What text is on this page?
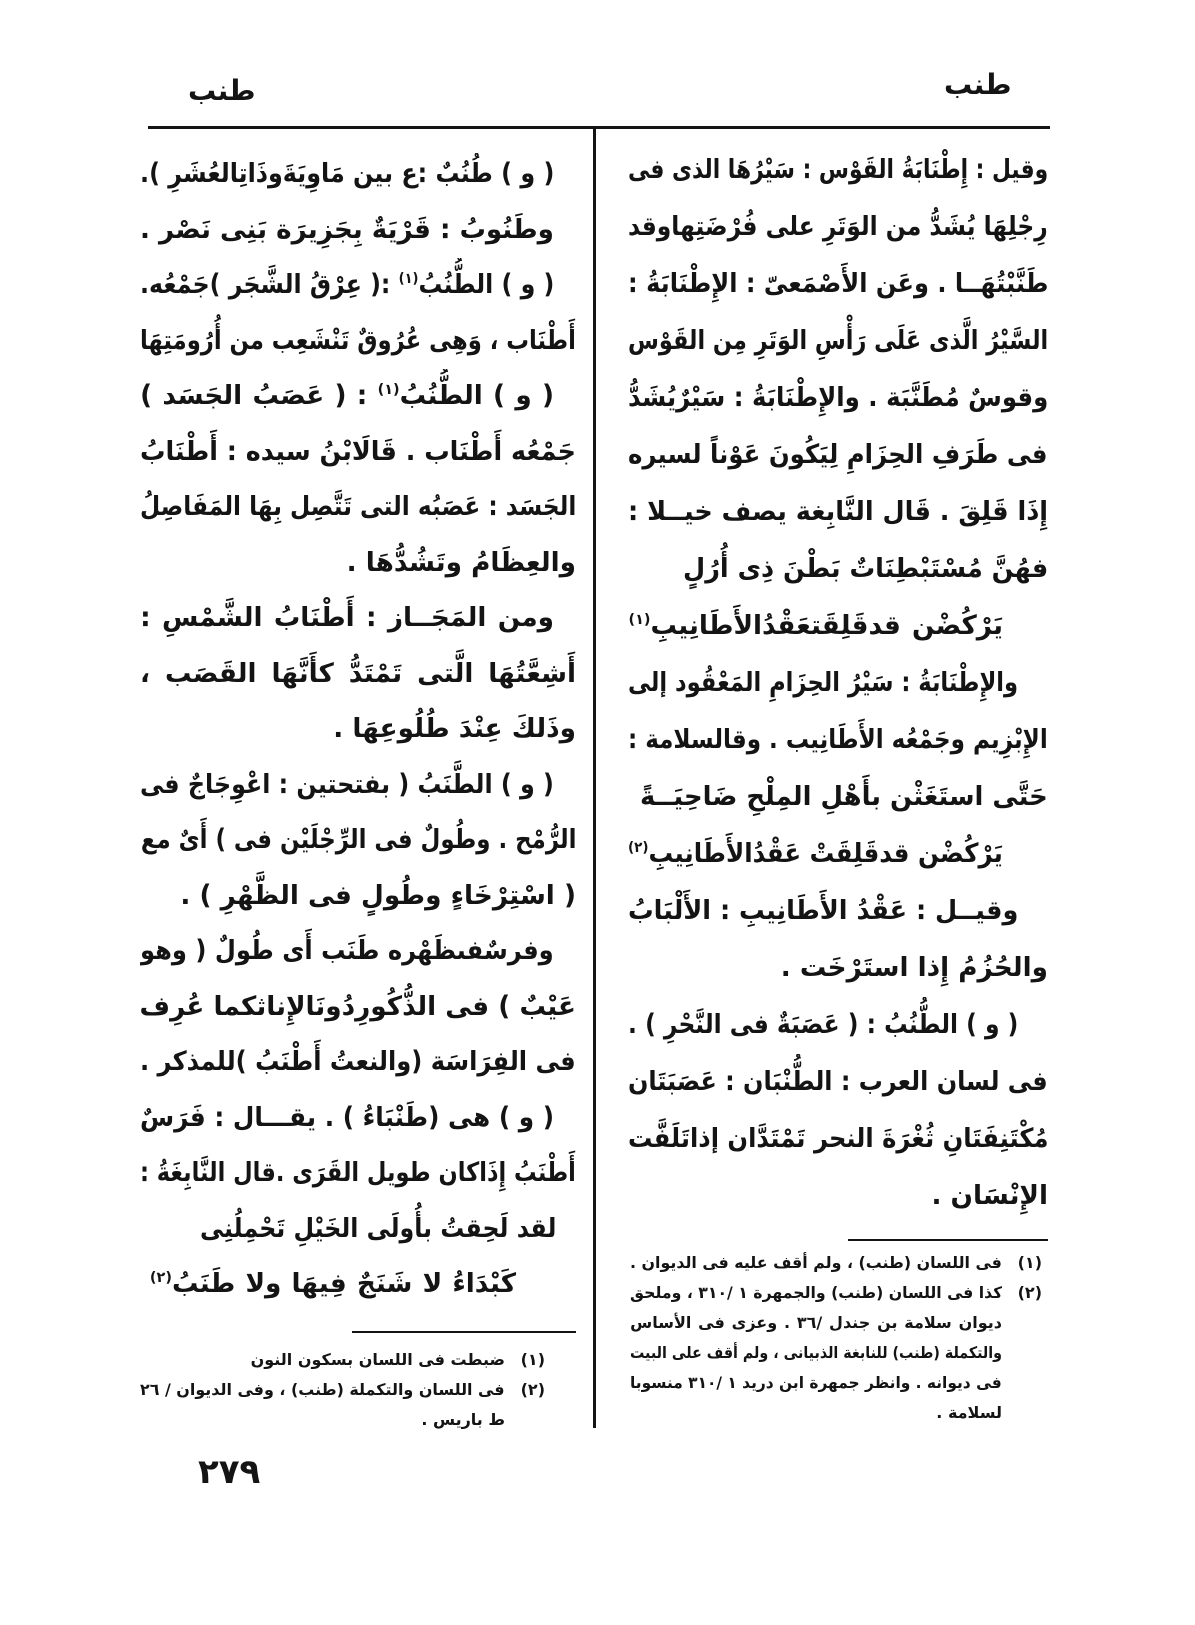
طنب	طنب
وقيل : إِطْنَابَةُ القَوْس : سَيْرُهَا الذى فى
رِجْلِهَا يُشَدُّ من الوَتَرِ على فُرْضَتِهاوقد
طَنَّبْتُهَــا . وعَن الأَصْمَعىّ : الإِطْنَابَةُ :
السَّيْرُ الَّذى عَلَى رَأْسِ الوَتَرِ مِن القَوْس
وقوسٌ مُطَنَّبَة . والإِطْنَابَةُ : سَيْرٌيُشَدُّ
فى طَرَفِ الحِزَامِ لِيَكُونَ عَوْناً لسيره
إِذَا قَلِقَ . قَال النَّابِغة يصف خيــلا :
فهُنَّ مُسْتَبْطِنَاتٌ بَطْنَ ذِى أُرُلٍ
يَرْكُضْن قدقَلِقَتعَقْدُالأَطَانِيبِ$^{(١)}$
والإِطْنَابَةُ : سَيْرُ الحِزَامِ المَعْقُود إلى
الإِبْزِيم وجَمْعُه الأَطَانِيب . وقالسلامة :
حَتَّى استَغَثْن بأَهْلِ المِلْحِ ضَاحِيَــةً
يَرْكُضْن قدقَلِقَتْ عَقْدُالأَطَانِيبِ$^{(٢)}$
وقيــل : عَقْدُ الأَطَانِيبِ : الأَلْبَابُ
والحُزُمُ إِذا استَرْخَت .
( و ) الطُّنُبُ : ( عَصَبَةٌ فى النَّحْرِ ) .
فى لسان العرب : الطُّنْبَان : عَصَبَتَان
مُكْتَنِفَتَانِ ثُغْرَةَ النحر تَمْتَدَّان إذاتَلَفَّت
الإِنْسَان .
(١)
فى اللسان (طنب) ، ولم أقف عليه فى الديوان .
(٢)
كذا فى اللسان (طنب) والجمهرة ١ /٣١٠ ، وملحق
ديوان سلامة بن جندل /٣٦ . وعزى فى الأساس
والتكملة (طنب) للنابغة الذبيانى ، ولم أقف على البيت
فى ديوانه . وانظر جمهرة ابن دريد ١ /٣١٠ منسوبا
لسلامة .
( و ) طُنُبٌ :ع بين مَاوِيَةَوذَاتِالعُشَرِ ).
وطَنُوبُ : قَرْيَةٌ بِجَزِيرَة بَنِى نَصْر .
( و ) الطُّنُبُ$^{(١)}$ :( عِرْقُ الشَّجَر )جَمْعُه.
أَطْنَاب ، وَهِى عُرُوقٌ تَنْشَعِب من أُرُومَتِهَا
( و ) الطُّنُبُ$^{(١)}$ : ( عَصَبُ الجَسَد )
جَمْعُه أَطْنَاب . قَالَابْنُ سيده : أَطْنَابُ
الجَسَد : عَصَبُه التى تَتَّصِل بِهَا المَفَاصِلُ
والعِظَامُ وتَشُدُّهَا .
ومن المَجَــاز : أَطْنَابُ الشَّمْسِ :
أَشِعَّتُهَا الَّتى تَمْتَدُّ كأَنَّهَا القَصَب ،
وذَلكَ عِنْدَ طُلُوعِهَا .
( و ) الطَّنَبُ ( بفتحتين : اعْوِجَاجٌ فى
الرُّمْح . وطُولٌ فى الرِّجْلَيْن فى ) أَىٌ مع
( اسْتِرْخَاءٍ وطُولٍ فى الظَّهْرِ ) .
وفرسٌفىظَهْره طَنَب أَى طُولٌ ( وهو
عَيْبٌ ) فى الذُّكُورِدُونَالإِناثكما عُرِف
فى الفِرَاسَة (والنعتُ أَطْنَبُ )للمذكر .
( و ) هى (طَنْبَاءُ ) . يقـــال : فَرَسٌ
أَطْنَبُ إِذَاكان طويل القَرَى .قال النَّابِغَةُ :
لقد لَحِقتُ بأُولَى الخَيْلِ تَحْمِلُنِى
كَبْدَاءُ لا شَنَجٌ فِيهَا ولا طَنَبُ$^{(٢)}$
(١)
ضبطت فى اللسان بسكون النون
(٢)
فى اللسان والتكملة (طنب) ، وفى الديوان / ٢٦
ط باريس .
٢٧٩
